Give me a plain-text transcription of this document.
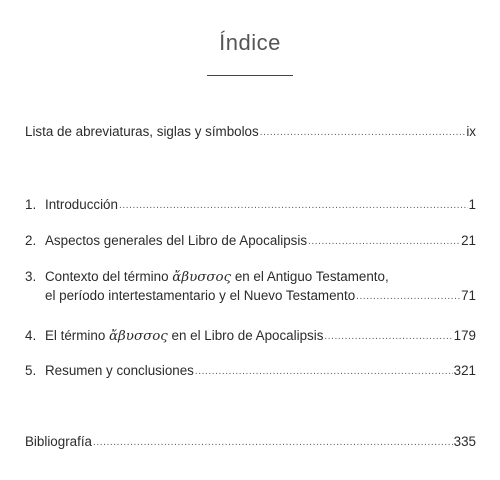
Índice
Lista de abreviaturas, siglas y símbolos .....	ix
1. Introducción .....	1
2. Aspectos generales del Libro de Apocalipsis .....	21
3. Contexto del término ἄβυσσος en el Antiguo Testamento,
el período intertestamentario y el Nuevo Testamento .....	71
4. El término ἄβυσσος en el Libro de Apocalipsis .....	179
5. Resumen y conclusiones .....	321
Bibliografía .....	335
